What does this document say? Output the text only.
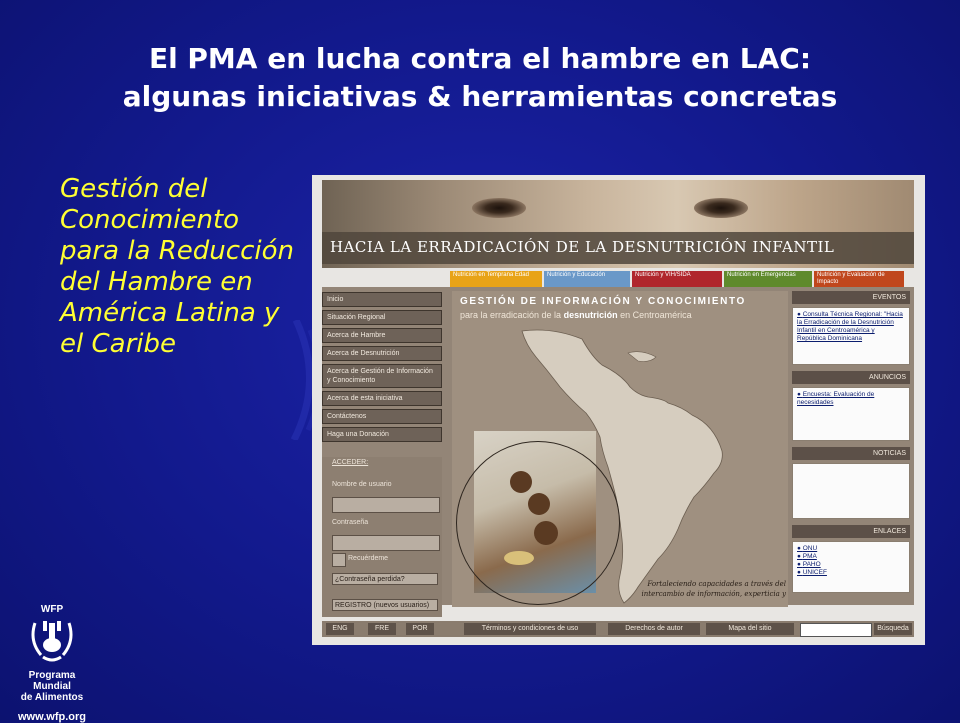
El PMA en lucha contra el hambre en LAC:
algunas iniciativas & herramientas concretas
Gestión del Conocimiento para la Reducción del Hambre en América Latina y el Caribe
WFP
Programa
Mundial
de Alimentos
www.wfp.org
HACIA LA ERRADICACIÓN DE LA DESNUTRICIÓN INFANTIL
Nutrición en Temprana Edad	Nutrición y Educación	Nutrición y VIH/SIDA	Nutrición en Emergencias	Nutrición y Evaluación de Impacto
Inicio
Situación Regional
Acerca de Hambre
Acerca de Desnutrición
Acerca de Gestión de Información y Conocimiento
Acerca de esta iniciativa
Contáctenos
Haga una Donación
ACCEDER:
Nombre de usuario
Contraseña
Recuérdeme
¿Contraseña perdida?
REGISTRO (nuevos usuarios)
GESTIÓN DE INFORMACIÓN Y CONOCIMIENTO
para la erradicación de la desnutrición en Centroamérica
Fortaleciendo capacidades a través del intercambio de información, experticia y
EVENTOS
● Consulta Técnica Regional: "Hacia la Erradicación de la Desnutrición Infantil en Centroamérica y República Dominicana
ANUNCIOS
● Encuesta: Evaluación de necesidades
NOTICIAS
ENLACES
● ONU
● PMA
● PAHO
● UNICEF
ENG	FRE	POR	Términos y condiciones de uso	Derechos de autor	Mapa del sitio	Búsqueda
